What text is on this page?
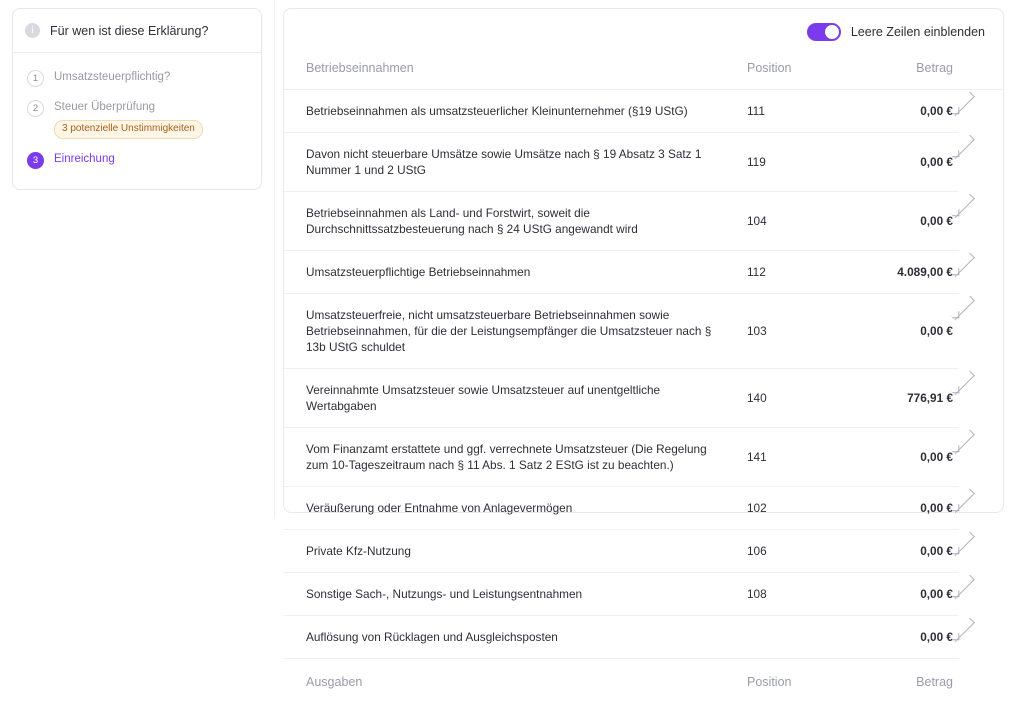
i	Für wen ist diese Erklärung?
1	Umsatzsteuerpflichtig?
2	Steuer Überprüfung
3 potenzielle Unstimmigkeiten
3	Einreichung
Leere Zeilen einblenden
Betriebseinnahmen	Position	Betrag	
Betriebseinnahmen als umsatzsteuerlicher Kleinunternehmer (§19 UStG)	111	0,00 €	
Davon nicht steuerbare Umsätze sowie Umsätze nach § 19 Absatz 3 Satz 1 Nummer 1 und 2 UStG	119	0,00 €	
Betriebseinnahmen als Land- und Forstwirt, soweit die Durchschnittssatzbesteuerung nach § 24 UStG angewandt wird	104	0,00 €	
Umsatzsteuerpflichtige Betriebseinnahmen	112	4.089,00 €	
Umsatzsteuerfreie, nicht umsatzsteuerbare Betriebseinnahmen sowie Betriebseinnahmen, für die der Leistungsempfänger die Umsatzsteuer nach § 13b UStG schuldet	103	0,00 €	
Vereinnahmte Umsatzsteuer sowie Umsatzsteuer auf unentgeltliche Wertabgaben	140	776,91 €	
Vom Finanzamt erstattete und ggf. verrechnete Umsatzsteuer (Die Regelung zum 10-Tageszeitraum nach § 11 Abs. 1 Satz 2 EStG ist zu beachten.)	141	0,00 €	
Veräußerung oder Entnahme von Anlagevermögen	102	0,00 €	
Private Kfz-Nutzung	106	0,00 €	
Sonstige Sach-, Nutzungs- und Leistungsentnahmen	108	0,00 €	
Auflösung von Rücklagen und Ausgleichsposten		0,00 €	
Ausgaben	Position	Betrag	
